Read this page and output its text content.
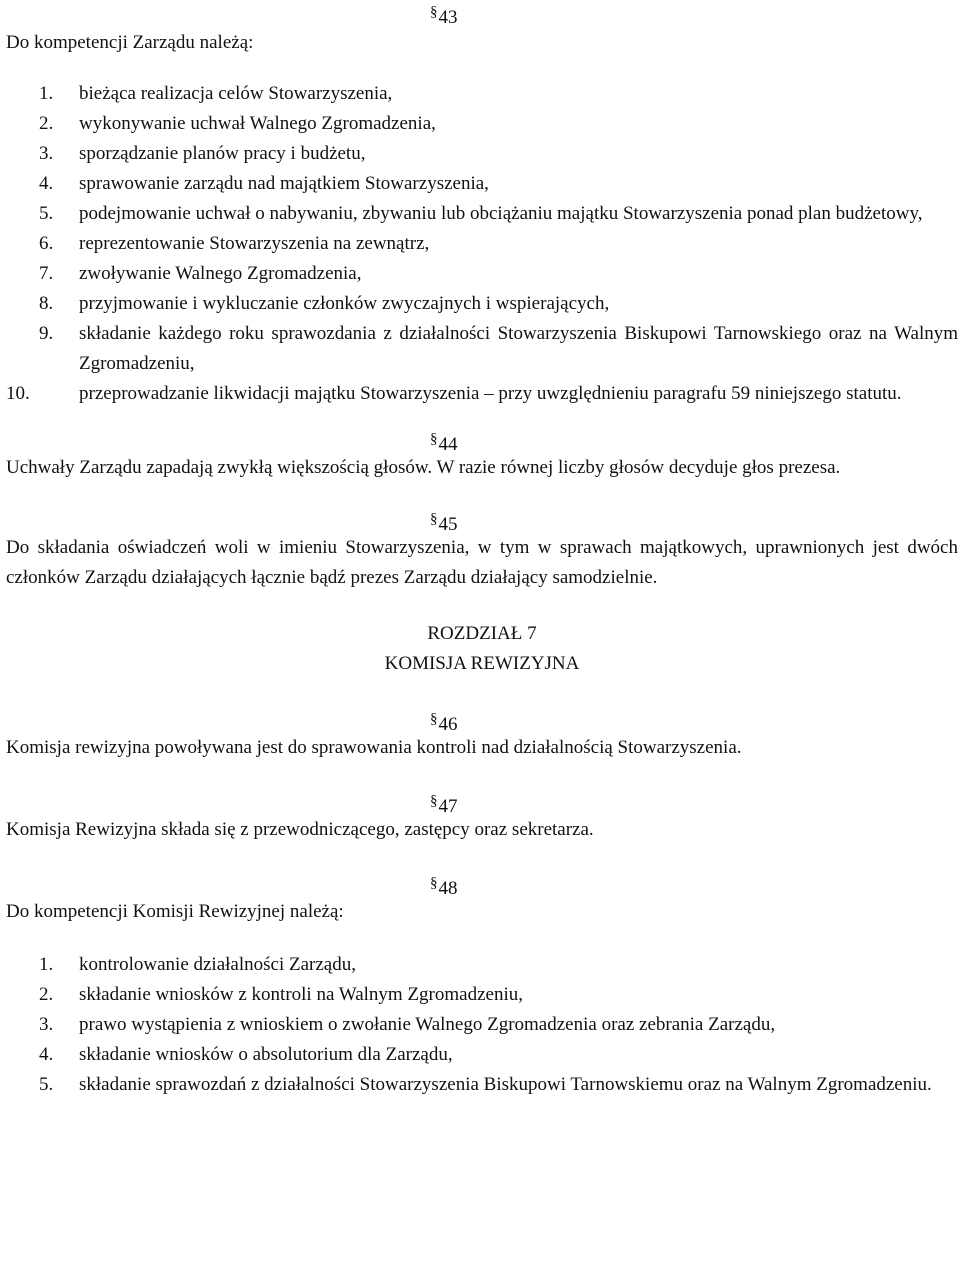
§43
Do kompetencji Zarządu należą:
1. bieżąca realizacja celów Stowarzyszenia,
2. wykonywanie uchwał Walnego Zgromadzenia,
3. sporządzanie planów pracy i budżetu,
4. sprawowanie zarządu nad majątkiem Stowarzyszenia,
5. podejmowanie uchwał o nabywaniu, zbywaniu lub obciążaniu majątku Stowarzyszenia ponad plan budżetowy,
6. reprezentowanie Stowarzyszenia na zewnątrz,
7. zwoływanie Walnego Zgromadzenia,
8. przyjmowanie i wykluczanie członków zwyczajnych i wspierających,
9. składanie każdego roku sprawozdania z działalności Stowarzyszenia Biskupowi Tarnowskiego oraz na Walnym Zgromadzeniu,
10.	przeprowadzanie likwidacji majątku Stowarzyszenia – przy uwzględnieniu paragrafu 59 niniejszego statutu.
§44

Uchwały Zarządu zapadają zwykłą większością głosów. W razie równej liczby głosów decyduje głos prezesa.

§45

Do składania oświadczeń woli w imieniu Stowarzyszenia, w tym w sprawach majątkowych, uprawnionych jest dwóch członków Zarządu działających łącznie bądź prezes Zarządu działający samodzielnie.

ROZDZIAŁ 7
KOMISJA REWIZYJNA
§46

Komisja rewizyjna powoływana jest do sprawowania kontroli nad działalnością Stowarzyszenia.

§47

Komisja Rewizyjna składa się z przewodniczącego, zastępcy oraz sekretarza.

§48
Do kompetencji Komisji Rewizyjnej należą:
1. kontrolowanie działalności Zarządu,
2. składanie wniosków z kontroli na Walnym Zgromadzeniu,
3. prawo wystąpienia z wnioskiem o zwołanie Walnego Zgromadzenia oraz zebrania Zarządu,
4. składanie wniosków o absolutorium dla Zarządu,
5. składanie sprawozdań z działalności Stowarzyszenia Biskupowi Tarnowskiemu oraz na Walnym Zgromadzeniu.
